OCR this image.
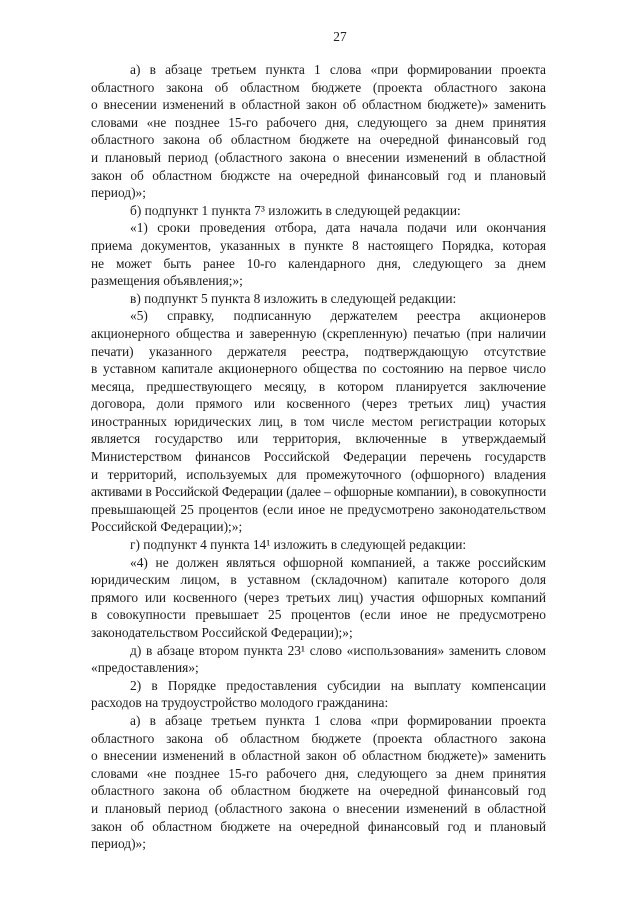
27
а) в абзаце третьем пункта 1 слова «при формировании проекта
областного закона об областном бюджете (проекта областного закона
о внесении изменений в областной закон об областном бюджете)» заменить
словами «не позднее 15-го рабочего дня, следующего за днем принятия
областного закона об областном бюджете на очередной финансовый год
и плановый период (областного закона о внесении изменений в областной
закон об областном бюджсте на очередной финансовый год и плановый
период)»;
б) подпункт 1 пункта 7³ изложить в следующей редакции:
«1) сроки проведения отбора, дата начала подачи или окончания
приема документов, указанных в пункте 8 настоящего Порядка, которая
не может быть ранее 10-го календарного дня, следующего за днем
размещения объявления;»;
в) подпункт 5 пункта 8 изложить в следующей редакции:
«5) справку, подписанную держателем реестра акционеров
акционерного общества и заверенную (скрепленную) печатью (при наличии
печати) указанного держателя реестра, подтверждающую отсутствие
в уставном капитале акционерного общества по состоянию на первое число
месяца, предшествующего месяцу, в котором планируется заключение
договора, доли прямого или косвенного (через третьих лиц) участия
иностранных юридических лиц, в том числе местом регистрации которых
является государство или территория, включенные в утверждаемый
Министерством финансов Российской Федерации перечень государств
и территорий, используемых для промежуточного (офшорного) владения
активами в Российской Федерации (далее – офшорные компании), в совокупности
превышающей 25 процентов (если иное не предусмотрено законодательством
Российской Федерации);»;
г) подпункт 4 пункта 14¹ изложить в следующей редакции:
«4) не должен являться офшорной компанией, а также российским
юридическим лицом, в уставном (складочном) капитале которого доля
прямого или косвенного (через третьих лиц) участия офшорных компаний
в совокупности превышает 25 процентов (если иное не предусмотрено
законодательством Российской Федерации);»;
д) в абзаце втором пункта 23¹ слово «использования» заменить словом
«предоставления»;
2) в Порядке предоставления субсидии на выплату компенсации
расходов на трудоустройство молодого гражданина:
а) в абзаце третьем пункта 1 слова «при формировании проекта
областного закона об областном бюджете (проекта областного закона
о внесении изменений в областной закон об областном бюджете)» заменить
словами «не позднее 15-го рабочего дня, следующего за днем принятия
областного закона об областном бюджете на очередной финансовый год
и плановый период (областного закона о внесении изменений в областной
закон об областном бюджете на очередной финансовый год и плановый
период)»;
